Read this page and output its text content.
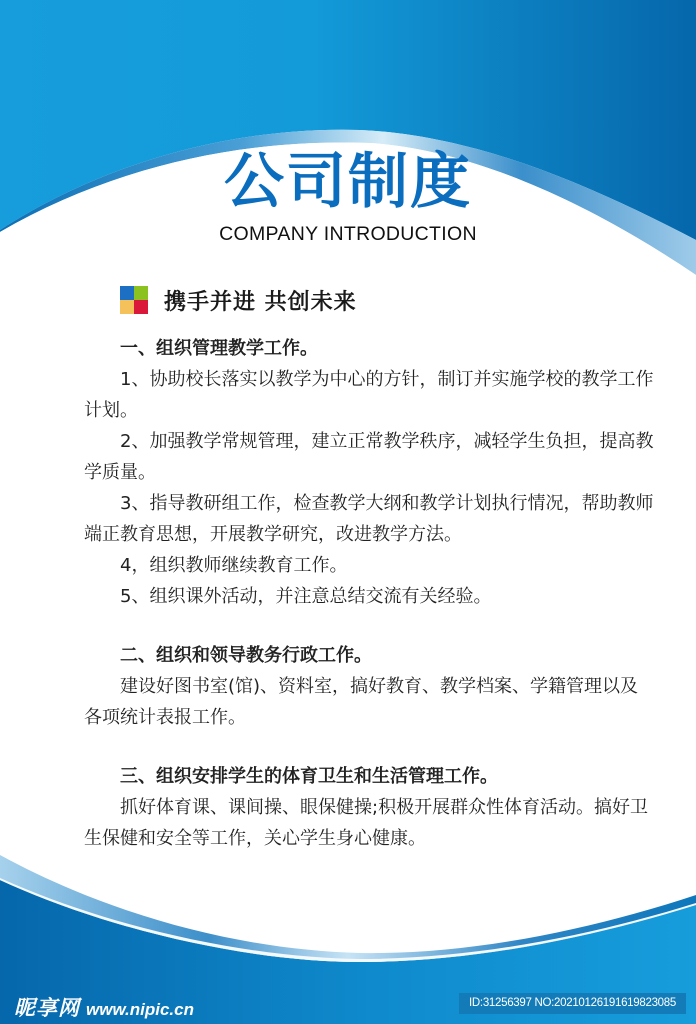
公司制度
COMPANY INTRODUCTION
携手并进 共创未来
一、组织管理教学工作。

1、协助校长落实以教学为中心的方针，制订并实施学校的教学工作计划。

2、加强教学常规管理，建立正常教学秩序，减轻学生负担，提高教学质量。

3、指导教研组工作，检查教学大纲和教学计划执行情况，帮助教师端正教育思想，开展教学研究，改进教学方法。

4，组织教师继续教育工作。

5、组织课外活动，并注意总结交流有关经验。

二、组织和领导教务行政工作。

建设好图书室(馆)、资料室，搞好教育、教学档案、学籍管理以及各项统计表报工作。

三、组织安排学生的体育卫生和生活管理工作。

抓好体育课、课间操、眼保健操;积极开展群众性体育活动。搞好卫生保健和安全等工作，关心学生身心健康。

昵享网 www.nipic.cn	ID:31256397 NO:20210126191619823085
